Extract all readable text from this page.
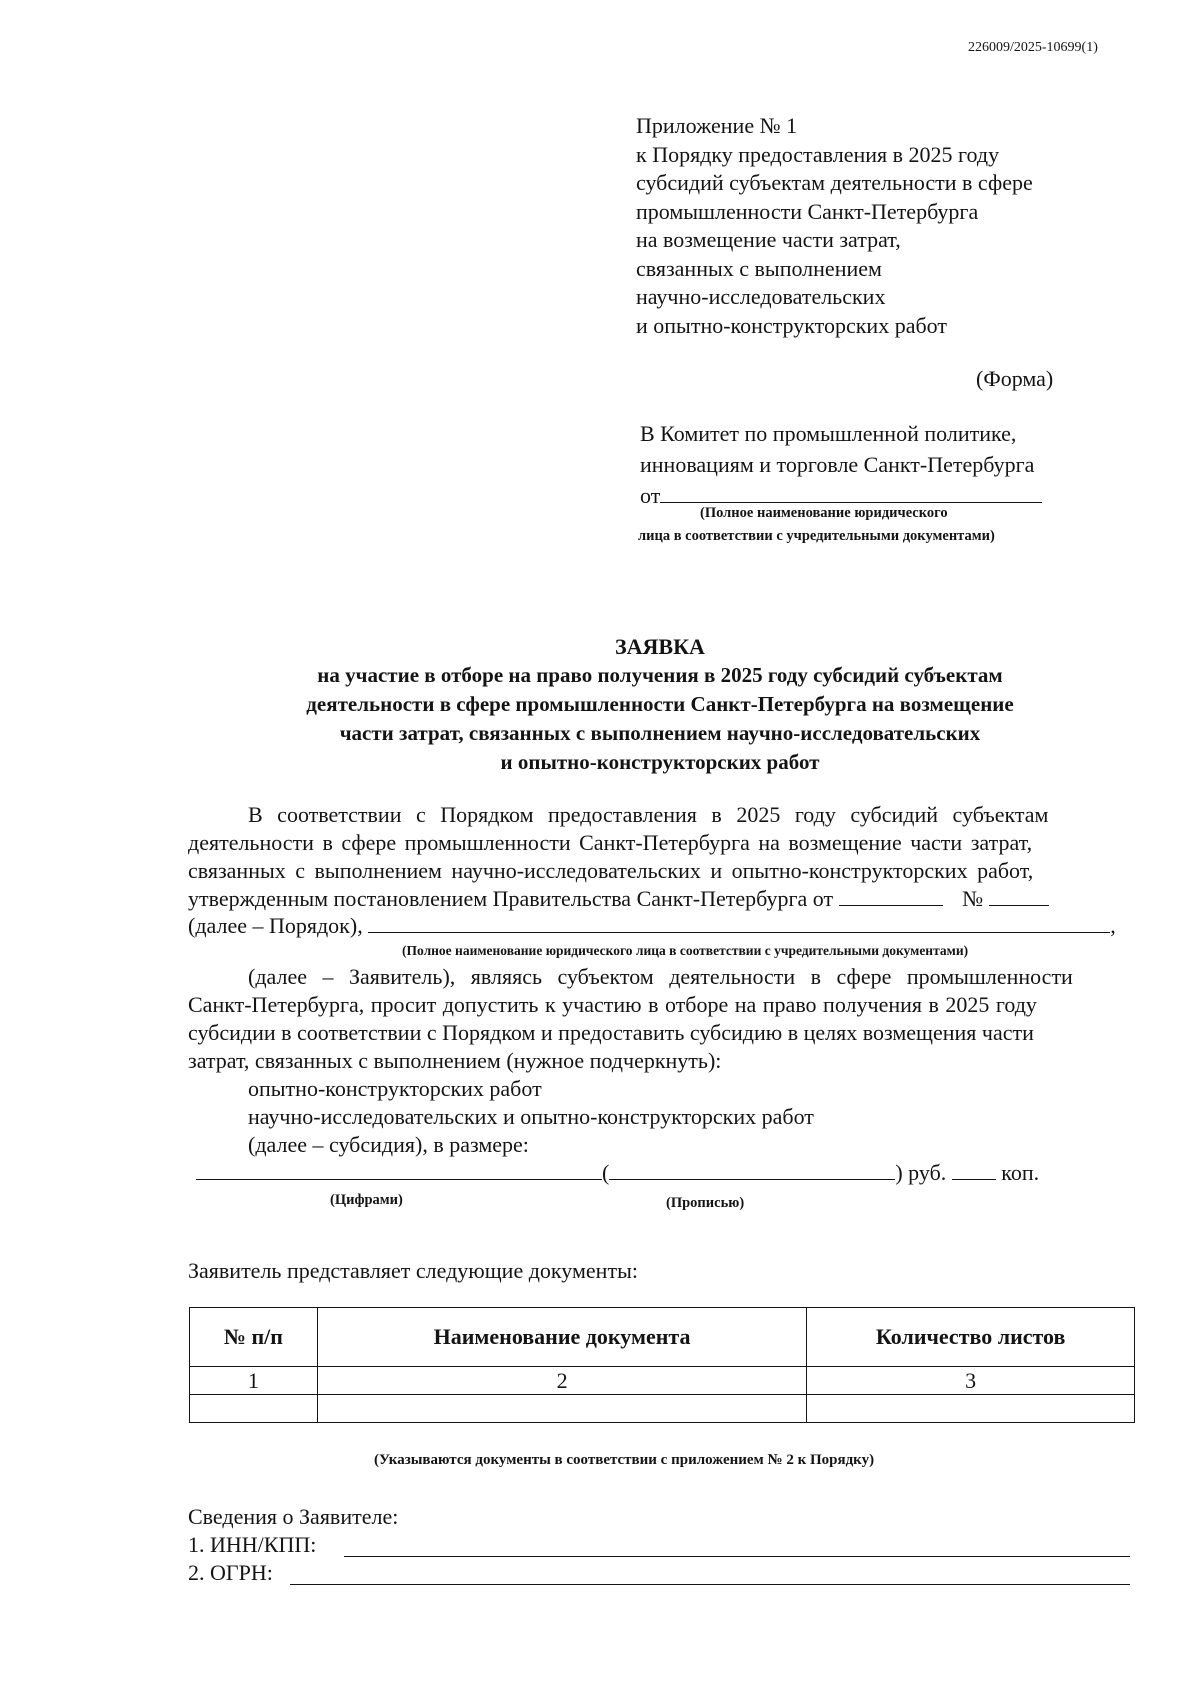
226009/2025-10699(1)
Приложение № 1
к Порядку предоставления в 2025 году
субсидий субъектам деятельности в сфере
промышленности Санкт-Петербурга
на возмещение части затрат,
связанных с выполнением
научно-исследовательских
и опытно-конструкторских работ
(Форма)
В Комитет по промышленной политике,
инновациям и торговле Санкт-Петербурга
от
(Полное наименование юридического
лица в соответствии с учредительными документами)
ЗАЯВКА
на участие в отборе на право получения в 2025 году субсидий субъектам
деятельности в сфере промышленности Санкт-Петербурга на возмещение
части затрат, связанных с выполнением научно-исследовательских
и опытно-конструкторских работ
В соответствии с Порядком предоставления в 2025 году субсидий субъектам
деятельности в сфере промышленности Санкт-Петербурга на возмещение части затрат,
связанных с выполнением научно-исследовательских и опытно-конструкторских работ,
утвержденным постановлением Правительства Санкт-Петербурга от	№
(далее – Порядок),	,
(Полное наименование юридического лица в соответствии с учредительными документами)
(далее – Заявитель), являясь субъектом деятельности в сфере промышленности
Санкт-Петербурга, просит допустить к участию в отборе на право получения в 2025 году
субсидии в соответствии с Порядком и предоставить субсидию в целях возмещения части
затрат, связанных с выполнением (нужное подчеркнуть):
опытно-конструкторских работ
научно-исследовательских и опытно-конструкторских работ
(далее – субсидия), в размере:
(	) руб.	коп.
(Цифрами)	(Прописью)
Заявитель представляет следующие документы:
№ п/п	Наименование документа	Количество листов
1	2	3

(Указываются документы в соответствии с приложением № 2 к Порядку)
Сведения о Заявителе:
1. ИНН/КПП:
2. ОГРН:
